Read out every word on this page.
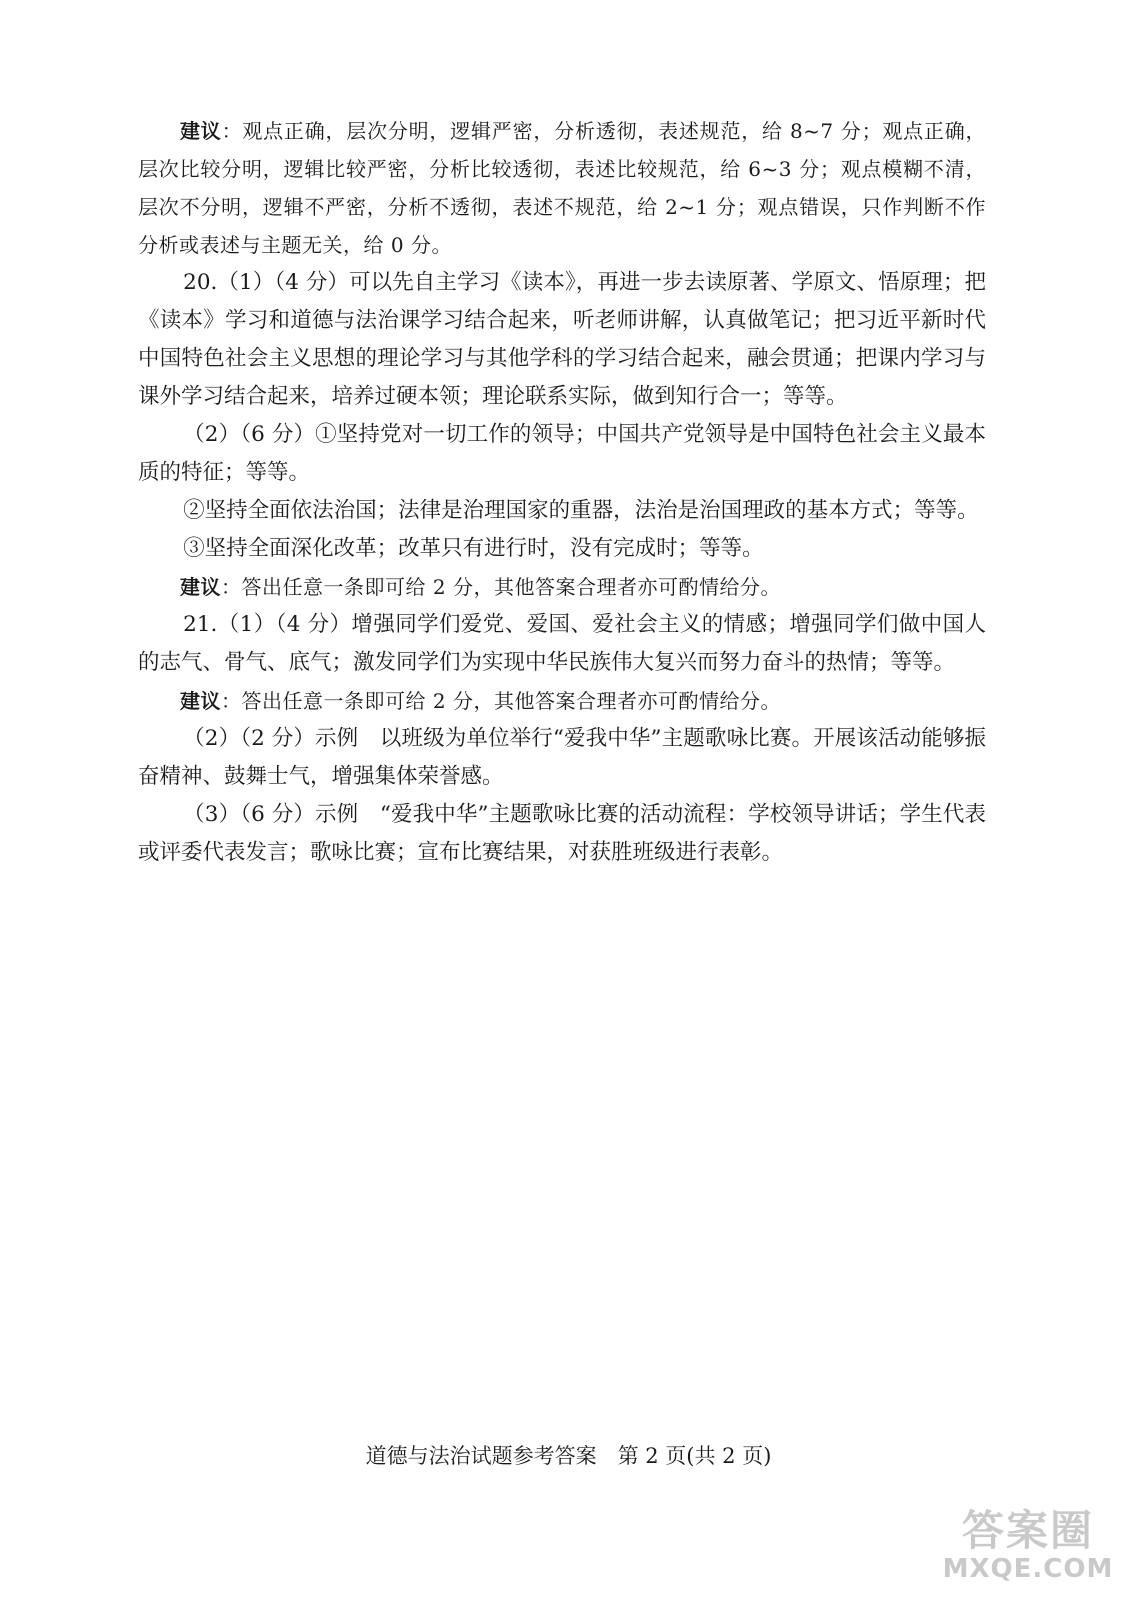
建议：观点正确，层次分明，逻辑严密，分析透彻，表述规范，给 8~7 分；观点正确，层次比较分明，逻辑比较严密，分析比较透彻，表述比较规范，给 6~3 分；观点模糊不清，层次不分明，逻辑不严密，分析不透彻，表述不规范，给 2~1 分；观点错误，只作判断不作分析或表述与主题无关，给 0 分。

20.（1）（4 分）可以先自主学习《读本》，再进一步去读原著、学原文、悟原理；把《读本》学习和道德与法治课学习结合起来，听老师讲解，认真做笔记；把习近平新时代中国特色社会主义思想的理论学习与其他学科的学习结合起来，融会贯通；把课内学习与课外学习结合起来，培养过硬本领；理论联系实际，做到知行合一；等等。

（2）（6 分）①坚持党对一切工作的领导；中国共产党领导是中国特色社会主义最本质的特征；等等。

②坚持全面依法治国；法律是治理国家的重器，法治是治国理政的基本方式；等等。

③坚持全面深化改革；改革只有进行时，没有完成时；等等。

建议：答出任意一条即可给 2 分，其他答案合理者亦可酌情给分。

21.（1）（4 分）增强同学们爱党、爱国、爱社会主义的情感；增强同学们做中国人的志气、骨气、底气；激发同学们为实现中华民族伟大复兴而努力奋斗的热情；等等。

建议：答出任意一条即可给 2 分，其他答案合理者亦可酌情给分。

（2）（2 分）示例　以班级为单位举行“爱我中华”主题歌咏比赛。开展该活动能够振奋精神、鼓舞士气，增强集体荣誉感。

（3）（6 分）示例　“爱我中华”主题歌咏比赛的活动流程：学校领导讲话；学生代表或评委代表发言；歌咏比赛；宣布比赛结果，对获胜班级进行表彰。

道德与法治试题参考答案　第 2 页(共 2 页)
答案圈
MXQE.COM
